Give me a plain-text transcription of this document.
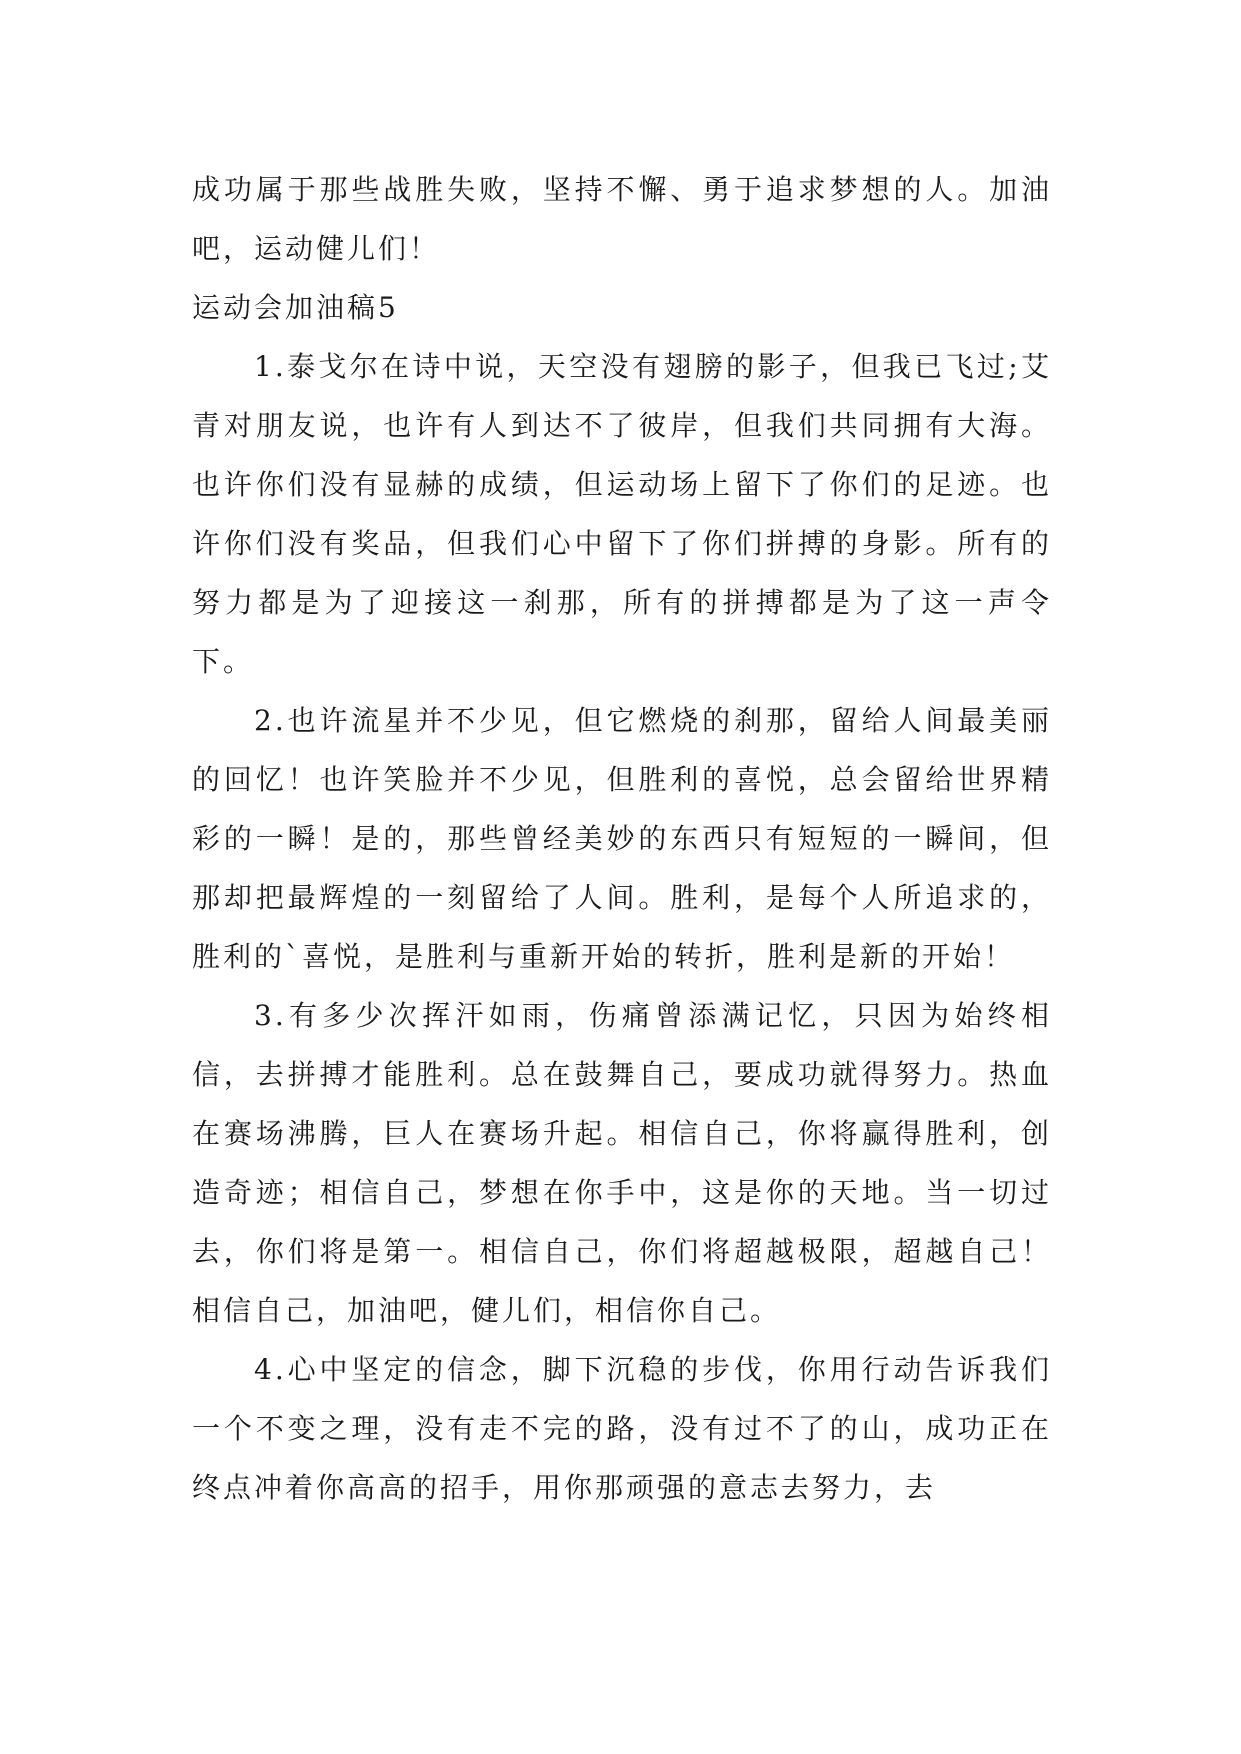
成功属于那些战胜失败，坚持不懈、勇于追求梦想的人。加油吧，运动健儿们！

运动会加油稿5

1.泰戈尔在诗中说，天空没有翅膀的影子，但我已飞过;艾青对朋友说，也许有人到达不了彼岸，但我们共同拥有大海。也许你们没有显赫的成绩，但运动场上留下了你们的足迹。也许你们没有奖品，但我们心中留下了你们拼搏的身影。所有的努力都是为了迎接这一刹那，所有的拼搏都是为了这一声令下。

2.也许流星并不少见，但它燃烧的刹那，留给人间最美丽的回忆！也许笑脸并不少见，但胜利的喜悦，总会留给世界精彩的一瞬！是的，那些曾经美妙的东西只有短短的一瞬间，但那却把最辉煌的一刻留给了人间。胜利，是每个人所追求的，胜利的`喜悦，是胜利与重新开始的转折，胜利是新的开始！

3.有多少次挥汗如雨，伤痛曾添满记忆，只因为始终相信，去拼搏才能胜利。总在鼓舞自己，要成功就得努力。热血在赛场沸腾，巨人在赛场升起。相信自己，你将赢得胜利，创造奇迹；相信自己，梦想在你手中，这是你的天地。当一切过去，你们将是第一。相信自己，你们将超越极限，超越自己！相信自己，加油吧，健儿们，相信你自己。

4.心中坚定的信念，脚下沉稳的步伐，你用行动告诉我们一个不变之理，没有走不完的路，没有过不了的山，成功正在终点冲着你高高的招手，用你那顽强的意志去努力，去
